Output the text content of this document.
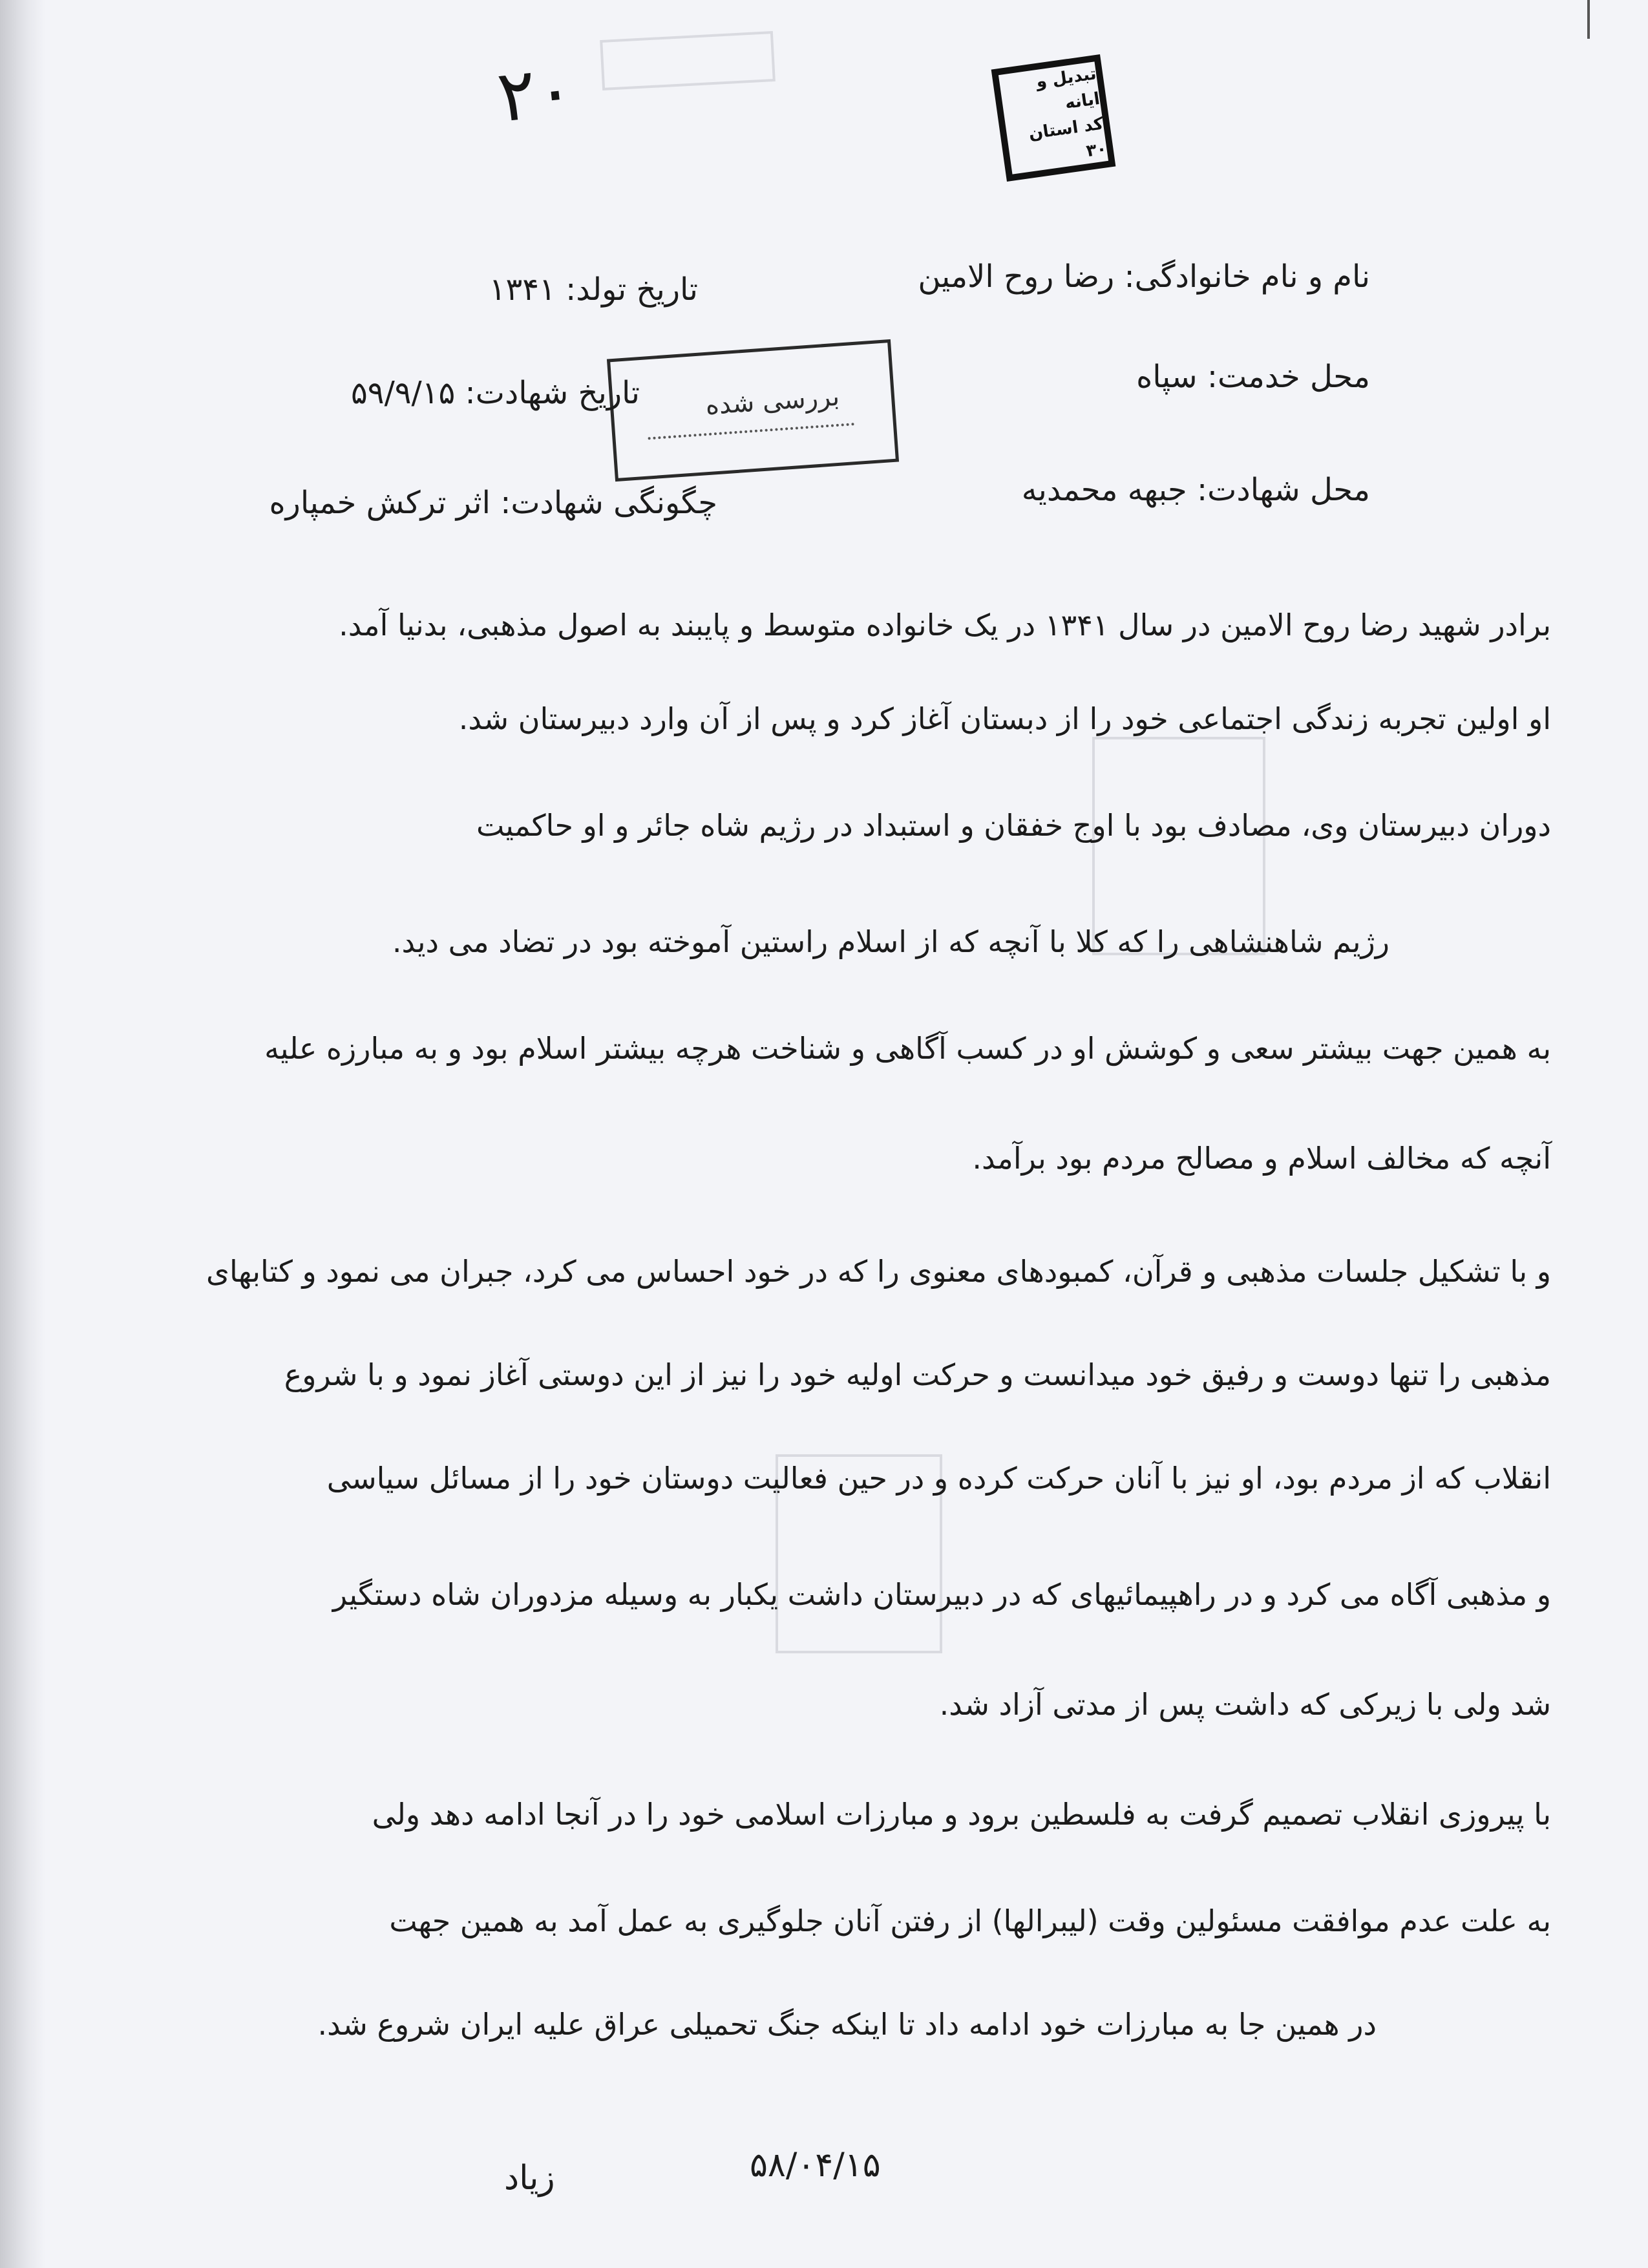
۲۰	تبدیل و ایانه
کد استان ۳۰
بررسی شده
نام و نام خانوادگی: رضا روح الامین
تاریخ تولد: ۱۳۴۱
محل خدمت: سپاه
تاریخ شهادت: ۵۹/۹/۱۵
محل شهادت: جبهه محمدیه
چگونگی شهادت: اثر ترکش خمپاره
برادر شهید رضا روح الامین در سال ۱۳۴۱ در یک خانواده متوسط و پایبند به اصول مذهبی، بدنیا آمد.
او اولین تجربه زندگی اجتماعی خود را از دبستان آغاز کرد و پس از آن وارد دبیرستان شد.
دوران دبیرستان وی، مصادف بود با اوج خفقان و استبداد در رژیم شاه جائر و او حاکمیت
رژیم شاهنشاهی را که کلا با آنچه که از اسلام راستین آموخته بود در تضاد می دید.
به همین جهت بیشتر سعی و کوشش او در کسب آگاهی و شناخت هرچه بیشتر اسلام بود و به مبارزه علیه
آنچه که مخالف اسلام و مصالح مردم بود برآمد.
و با تشکیل جلسات مذهبی و قرآن، کمبودهای معنوی را که در خود احساس می کرد، جبران می نمود و کتابهای
مذهبی را تنها دوست و رفیق خود میدانست و حرکت اولیه خود را نیز از این دوستی آغاز نمود و با شروع
انقلاب که از مردم بود، او نیز با آنان حرکت کرده و در حین فعالیت دوستان خود را از مسائل سیاسی
و مذهبی آگاه می کرد و در راهپیمائیهای که در دبیرستان داشت یکبار به وسیله مزدوران شاه دستگیر
شد ولی با زیرکی که داشت پس از مدتی آزاد شد.
با پیروزی انقلاب تصمیم گرفت به فلسطین برود و مبارزات اسلامی خود را در آنجا ادامه دهد ولی
به علت عدم موافقت مسئولین وقت (لیبرالها) از رفتن آنان جلوگیری به عمل آمد به همین جهت
در همین جا به مبارزات خود ادامه داد تا اینکه جنگ تحمیلی عراق علیه ایران شروع شد.
زیاد	۵۸/۰۴/۱۵
